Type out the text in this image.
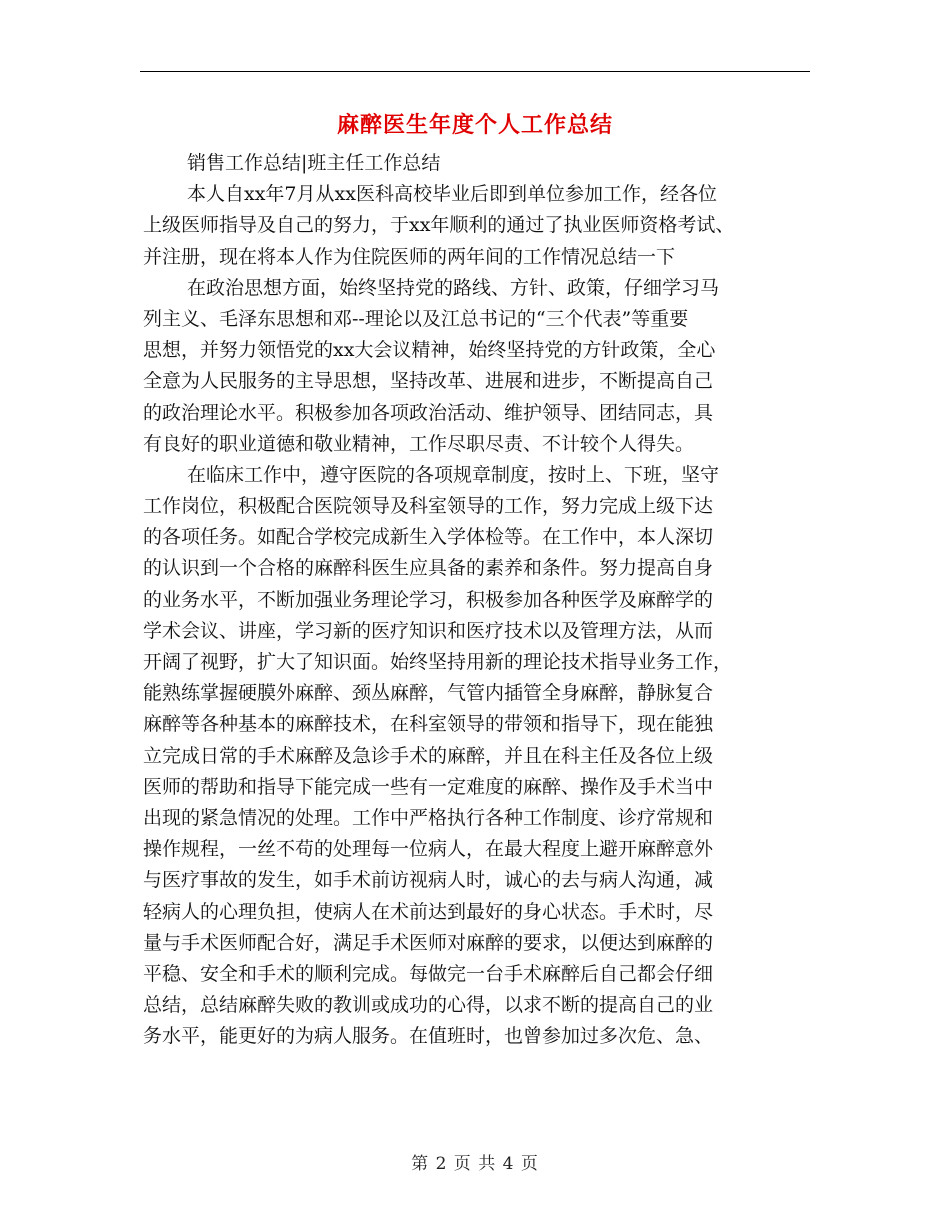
麻醉医生年度个人工作总结
销售工作总结|班主任工作总结
本人自xx年7月从xx医科高校毕业后即到单位参加工作，经各位
上级医师指导及自己的努力，于xx年顺利的通过了执业医师资格考试、
并注册，现在将本人作为住院医师的两年间的工作情况总结一下
在政治思想方面，始终坚持党的路线、方针、政策，仔细学习马
列主义、毛泽东思想和邓--理论以及江总书记的“三个代表”等重要
思想，并努力领悟党的xx大会议精神，始终坚持党的方针政策，全心
全意为人民服务的主导思想，坚持改革、进展和进步，不断提高自己
的政治理论水平。积极参加各项政治活动、维护领导、团结同志，具
有良好的职业道德和敬业精神，工作尽职尽责、不计较个人得失。
在临床工作中，遵守医院的各项规章制度，按时上、下班，坚守
工作岗位，积极配合医院领导及科室领导的工作，努力完成上级下达
的各项任务。如配合学校完成新生入学体检等。在工作中，本人深切
的认识到一个合格的麻醉科医生应具备的素养和条件。努力提高自身
的业务水平，不断加强业务理论学习，积极参加各种医学及麻醉学的
学术会议、讲座，学习新的医疗知识和医疗技术以及管理方法，从而
开阔了视野，扩大了知识面。始终坚持用新的理论技术指导业务工作，
能熟练掌握硬膜外麻醉、颈丛麻醉，气管内插管全身麻醉，静脉复合
麻醉等各种基本的麻醉技术，在科室领导的带领和指导下，现在能独
立完成日常的手术麻醉及急诊手术的麻醉，并且在科主任及各位上级
医师的帮助和指导下能完成一些有一定难度的麻醉、操作及手术当中
出现的紧急情况的处理。工作中严格执行各种工作制度、诊疗常规和
操作规程，一丝不苟的处理每一位病人，在最大程度上避开麻醉意外
与医疗事故的发生，如手术前访视病人时，诚心的去与病人沟通，减
轻病人的心理负担，使病人在术前达到最好的身心状态。手术时，尽
量与手术医师配合好，满足手术医师对麻醉的要求，以便达到麻醉的
平稳、安全和手术的顺利完成。每做完一台手术麻醉后自己都会仔细
总结，总结麻醉失败的教训或成功的心得，以求不断的提高自己的业
务水平，能更好的为病人服务。在值班时，也曾参加过多次危、急、
第 2 页 共 4 页
